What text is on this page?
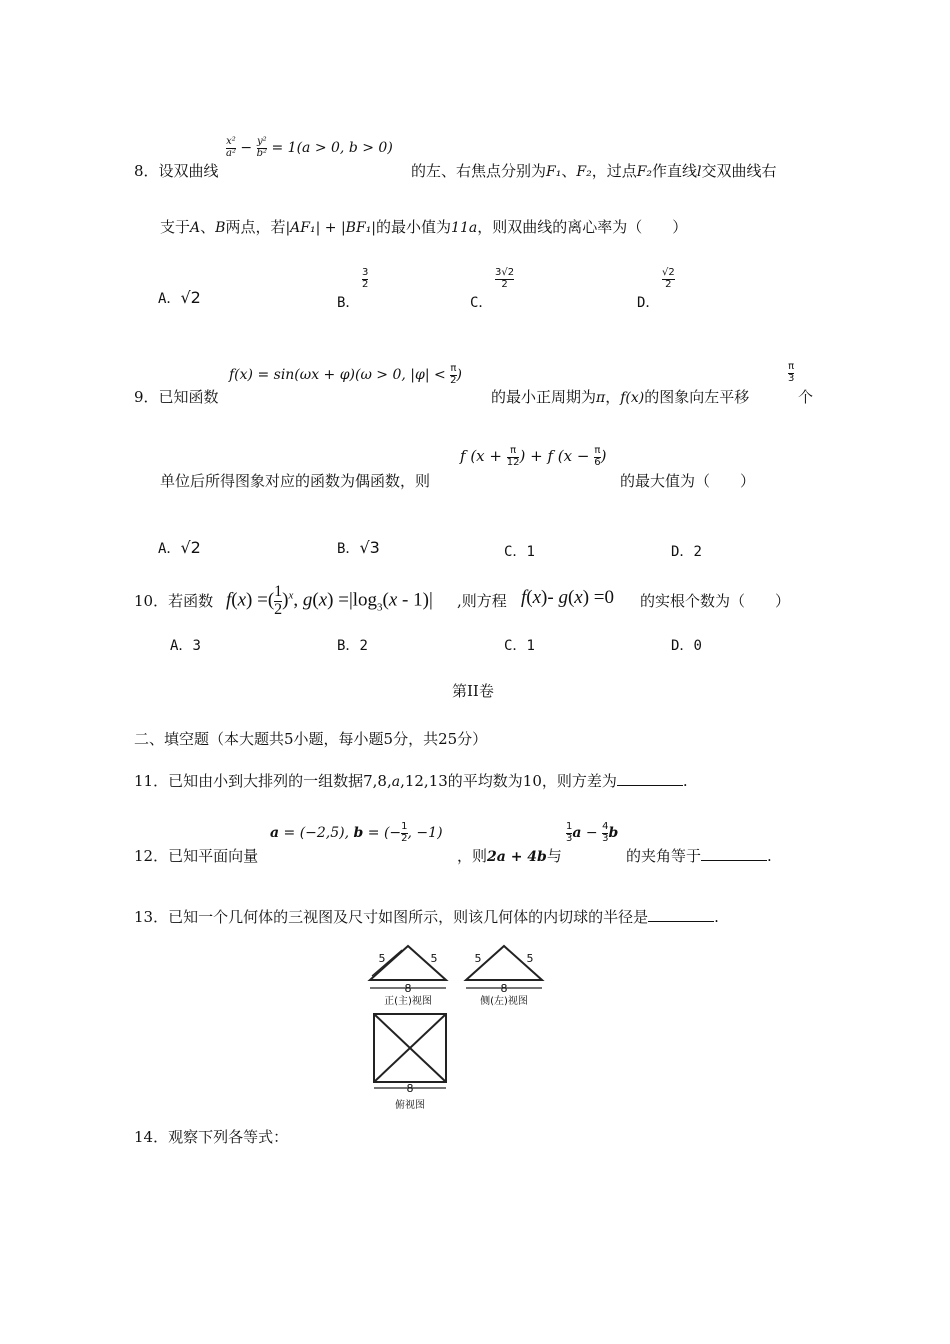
$\frac{\text{x²}}{\text{a²}} - \frac{\text{y²}}{\text{b²}} = 1(a > 0$, b > 0)
8．设双曲线	的左、右焦点分别为F₁、F₂，过点F₂作直线l交双曲线右
支于A、B两点，若|AF₁| + |BF₁|的最小值为11a，则双曲线的离心率为（　　）
A．√2	B．
$\frac{3}{2}$
C．
$\frac{3√2}{2}$
D．
$\frac{√2}{2}$
f(x) = sin(ωx + φ)(ω > 0, $|\varphi| < \frac{\pi}{2}$ )
9．已知函数	的最小正周期为π，f(x)的图象向左平移
$\frac{\pi}{3}$
个
f ($x + \frac{\pi}{12}$ ) + f ($x - \frac{\pi}{6}$ )
单位后所得图象对应的函数为偶函数，则	的最大值为（　　）
A．√2	B．√3	C．1	D．2
10．若函数 f(x) =( $\frac{1}{2} )^x$, $g(x) =|\log_3(x - 1)|$ ,则方程 f(x)- g(x) =0 的实根个数为（　　）
A．3	B．2	C．1	D．0
第II卷
二、填空题（本大题共5小题，每小题5分，共25分）
11．已知由小到大排列的一组数据7,8,a,12,13的平均数为10，则方差为	.
a = (−2,5), b = (− $\frac{1}{2}$ , −1)
12．已知平面向量	，则2a + 4b与
$\frac{1}{3}$ $a - \frac{4}{3}$ b
的夹角等于	.
13．已知一个几何体的三视图及尺寸如图所示，则该几何体的内切球的半径是	.
5	5
8
5	5
8
8
正(主)视图	侧(左)视图
俯视图
14．观察下列各等式：
